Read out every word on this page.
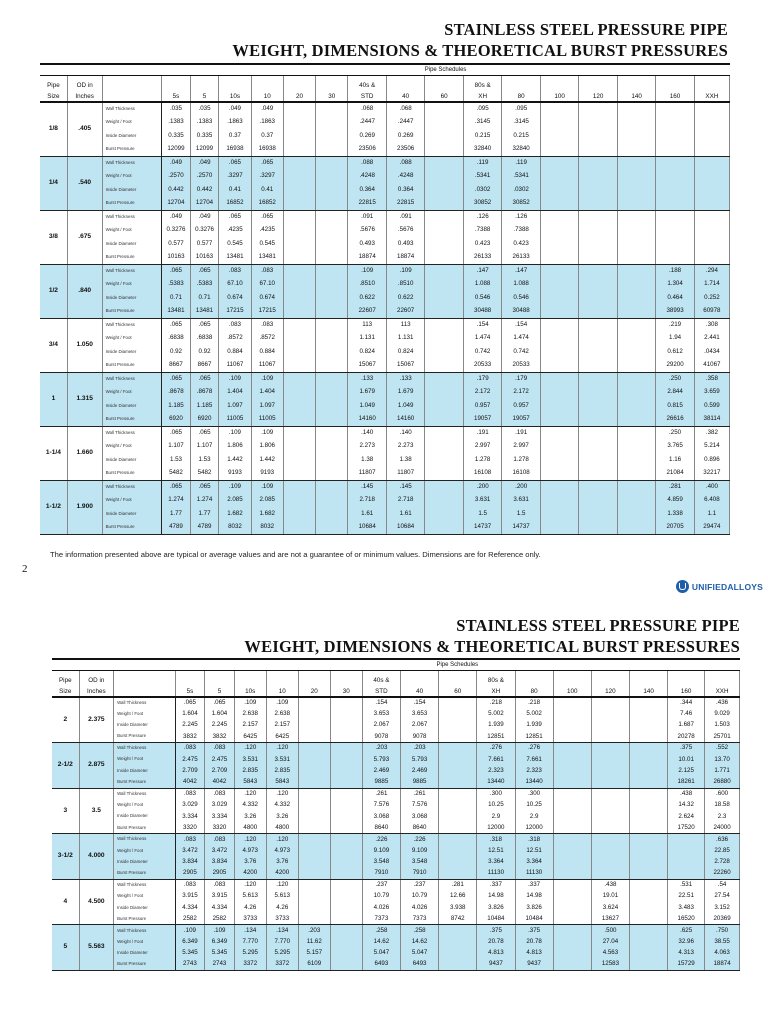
STAINLESS STEEL PRESSURE PIPE
WEIGHT, DIMENSIONS & THEORETICAL BURST PRESSURES
			Pipe Schedules															
Pipe	OD in								40s &			80s &						
Size	Inches		5s	5	10s	10	20	30	STD	40	60	XH	80	100	120	140	160	XXH
1/8	.405	Wall Thickness	.035	.035	.049	.049			.068	.068		.095	.095					
		Weight / Foot	.1383	.1383	.1863	.1863			.2447	.2447		.3145	.3145					
		Inside Diameter	0.335	0.335	0.37	0.37			0.269	0.269		0.215	0.215					
		Burst Pressure	12099	12099	16938	16938			23506	23506		32840	32840					
1/4	.540	Wall Thickness	.049	.049	.065	.065			.088	.088		.119	.119					
		Weight / Foot	.2570	.2570	.3297	.3297			.4248	.4248		.5341	.5341					
		Inside Diameter	0.442	0.442	0.41	0.41			0.364	0.364		.0302	.0302					
		Burst Pressure	12704	12704	16852	16852			22815	22815		30852	30852					
3/8	.675	Wall Thickness	.049	.049	.065	.065			.091	.091		.126	.126					
		Weight / Foot	0.3276	0.3276	.4235	.4235			.5676	.5676		.7388	.7388					
		Inside Diameter	0.577	0.577	0.545	0.545			0.493	0.493		0.423	0.423					
		Burst Pressure	10163	10163	13481	13481			18874	18874		26133	26133					
1/2	.840	Wall Thickness	.065	.065	.083	.083			.109	.109		.147	.147				.188	.294
		Weight / Foot	.5383	.5383	67.10	67.10			.8510	.8510		1.088	1.088				1.304	1.714
		Inside Diameter	0.71	0.71	0.674	0.674			0.622	0.622		0.546	0.546				0.464	0.252
		Burst Pressure	13481	13481	17215	17215			22607	22607		30488	30488				38993	60978
3/4	1.050	Wall Thickness	.065	.065	.083	.083			113	113		.154	.154				.219	.308
		Weight / Foot	.6838	.6838	.8572	.8572			1.131	1.131		1.474	1.474				1.94	2.441
		Inside Diameter	0.92	0.92	0.884	0.884			0.824	0.824		0.742	0.742				0.612	.0434
		Burst Pressure	8667	8667	11067	11067			15067	15067		20533	20533				29200	41067
1	1.315	Wall Thickness	.065	.065	.109	.109			.133	.133		.179	.179				.250	.358
		Weight / Foot	.8678	.8678	1.404	1.404			1.679	1.679		2.172	2.172				2.844	3.659
		Inside Diameter	1.185	1.185	1.097	1.097			1.049	1.049		0.957	0.957				0.815	0.599
		Burst Pressure	6920	6920	11005	11005			14160	14160		19057	19057				26616	38114
1-1/4	1.660	Wall Thickness	.065	.065	.109	.109			.140	.140		.191	.191				.250	.382
		Weight / Foot	1.107	1.107	1.806	1.806			2.273	2.273		2.997	2.997				3.765	5.214
		Inside Diameter	1.53	1.53	1.442	1.442			1.38	1.38		1.278	1.278				1.16	0.896
		Burst Pressure	5482	5482	9193	9193			11807	11807		16108	16108				21084	32217
1-1/2	1.900	Wall Thickness	.065	.065	.109	.109			.145	.145		.200	.200				.281	.400
		Weight / Foot	1.274	1.274	2.085	2.085			2.718	2.718		3.631	3.631				4.859	6.408
		Inside Diameter	1.77	1.77	1.682	1.682			1.61	1.61		1.5	1.5				1.338	1.1
		Burst Pressure	4789	4789	8032	8032			10684	10684		14737	14737				20705	29474
The information presented above are typical or average values and are not a guarantee of or minimum values. Dimensions are for Reference only.
2
UNIFIEDALLOYS
STAINLESS STEEL PRESSURE PIPE
WEIGHT, DIMENSIONS & THEORETICAL BURST PRESSURES
			Pipe Schedules															
Pipe	OD in								40s &			80s &						
Size	Inches		5s	5	10s	10	20	30	STD	40	60	XH	80	100	120	140	160	XXH
2	2.375	Wall Thickness	.065	.065	.109	.109			.154	.154		.218	.218				.344	.436
		Weight / Foot	1.604	1.604	2.638	2.638			3.653	3.653		5.002	5.002				7.46	9.029
		Inside Diameter	2.245	2.245	2.157	2.157			2.067	2.067		1.939	1.939				1.687	1.503
		Burst Pressure	3832	3832	6425	6425			9078	9078		12851	12851				20278	25701
2-1/2	2.875	Wall Thickness	.083	.083	.120	.120			.203	.203		.276	.276				.375	.552
		Weight / Foot	2.475	2.475	3.531	3.531			5.793	5.793		7.661	7.661				10.01	13.70
		Inside Diameter	2.709	2.709	2.835	2.835			2.469	2.469		2.323	2.323				2.125	1.771
		Burst Pressure	4042	4042	5843	5843			9885	9885		13440	13440				18261	26880
3	3.5	Wall Thickness	.083	.083	.120	.120			.261	.261		.300	.300				.438	.600
		Weight / Foot	3.029	3.029	4.332	4.332			7.576	7.576		10.25	10.25				14.32	18.58
		Inside Diameter	3.334	3.334	3.26	3.26			3.068	3.068		2.9	2.9				2.624	2.3
		Burst Pressure	3320	3320	4800	4800			8640	8640		12000	12000				17520	24000
3-1/2	4.000	Wall Thickness	.083	.083	.120	.120			.226	.226		.318	.318					.636
		Weight / Foot	3.472	3.472	4.973	4.973			9.109	9.109		12.51	12.51					22.85
		Inside Diameter	3.834	3.834	3.76	3.76			3.548	3.548		3.364	3.364					2.728
		Burst Pressure	2905	2905	4200	4200			7910	7910		11130	11130					22260
4	4.500	Wall Thickness	.083	.083	.120	.120			.237	.237	.281	.337	.337		.438		.531	.54
		Weight / Foot	3.915	3.915	5.613	5.613			10.79	10.79	12.66	14.98	14.98		19.01		22.51	27.54
		Inside Diameter	4.334	4.334	4.26	4.26			4.026	4.026	3.938	3.826	3.826		3.624		3.483	3.152
		Burst Pressure	2582	2582	3733	3733			7373	7373	8742	10484	10484		13627		16520	20369
5	5.563	Wall Thickness	.109	.109	.134	.134	.203		.258	.258		.375	.375		.500		.625	.750
		Weight / Foot	6.349	6.349	7.770	7.770	11.62		14.62	14.62		20.78	20.78		27.04		32.96	38.55
		Inside Diameter	5.345	5.345	5.295	5.295	5.157		5.047	5.047		4.813	4.813		4.563		4.313	4.063
		Burst Pressure	2743	2743	3372	3372	6109		6493	6493		9437	9437		12583		15729	18874
